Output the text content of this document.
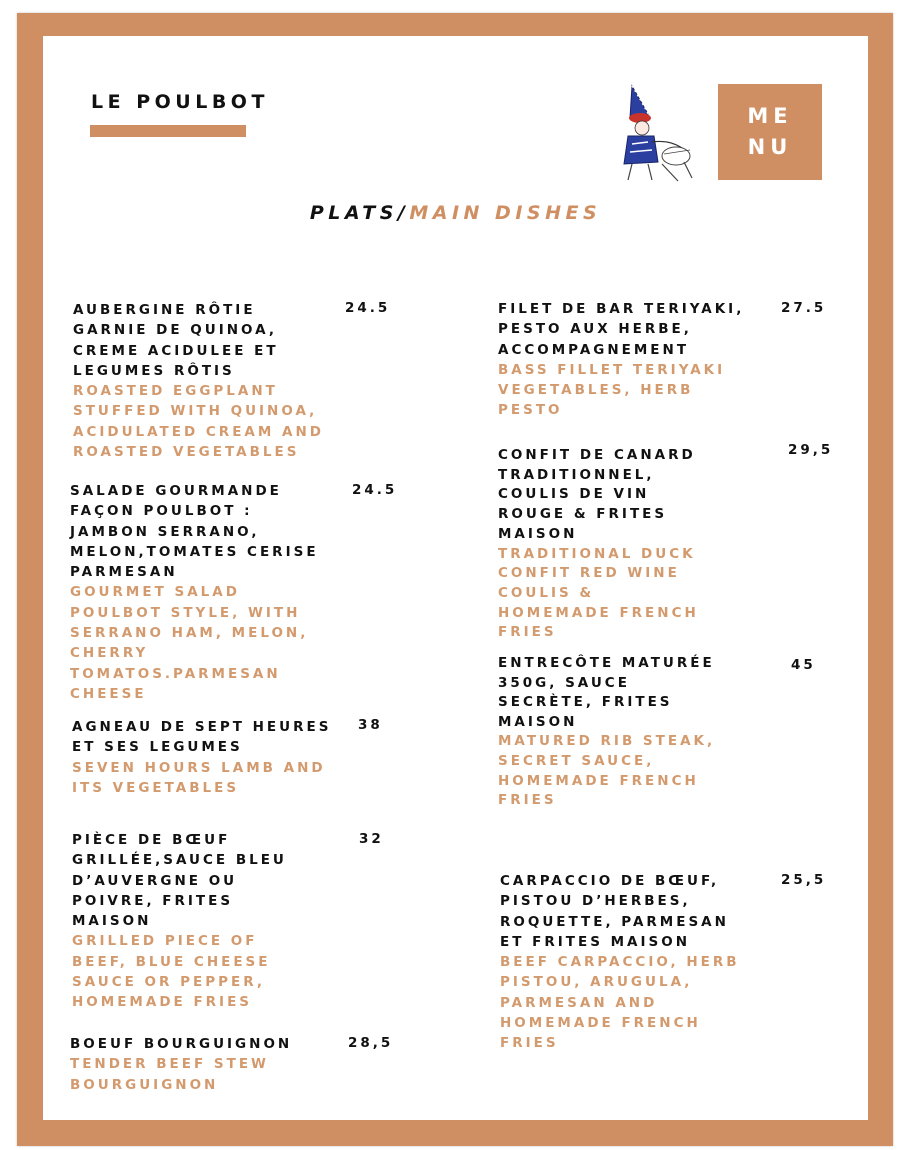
LE POULBOT
ME
NU
PLATS/MAIN DISHES
AUBERGINE RÔTIE
GARNIE DE QUINOA,
CREME ACIDULEE ET
LEGUMES RÔTIS
ROASTED EGGPLANT
STUFFED WITH QUINOA,
ACIDULATED CREAM AND
ROASTED VEGETABLES
24.5
SALADE GOURMANDE
FAÇON POULBOT :
JAMBON SERRANO,
MELON,TOMATES CERISE
PARMESAN
GOURMET SALAD
POULBOT STYLE, WITH
SERRANO HAM, MELON,
CHERRY
TOMATOS.PARMESAN
CHEESE
24.5
AGNEAU DE SEPT HEURES
ET SES LEGUMES
SEVEN HOURS LAMB AND
ITS VEGETABLES
38
PIÈCE DE BŒUF
GRILLÉE,SAUCE BLEU
D’AUVERGNE OU
POIVRE, FRITES
MAISON
GRILLED PIECE OF
BEEF, BLUE CHEESE
SAUCE OR PEPPER,
HOMEMADE FRIES
32
BOEUF BOURGUIGNON
TENDER BEEF STEW
BOURGUIGNON
28,5
FILET DE BAR TERIYAKI,
PESTO AUX HERBE,
ACCOMPAGNEMENT
BASS FILLET TERIYAKI
VEGETABLES, HERB
PESTO
27.5
CONFIT DE CANARD
TRADITIONNEL,
COULIS DE VIN
ROUGE & FRITES
MAISON
TRADITIONAL DUCK
CONFIT RED WINE
COULIS &
HOMEMADE FRENCH
FRIES
29,5
ENTRECÔTE MATURÉE
350G, SAUCE
SECRÈTE, FRITES
MAISON
MATURED RIB STEAK,
SECRET SAUCE,
HOMEMADE FRENCH
FRIES
45
CARPACCIO DE BŒUF,
PISTOU D’HERBES,
ROQUETTE, PARMESAN
ET FRITES MAISON
BEEF CARPACCIO, HERB
PISTOU, ARUGULA,
PARMESAN AND
HOMEMADE FRENCH
FRIES
25,5
